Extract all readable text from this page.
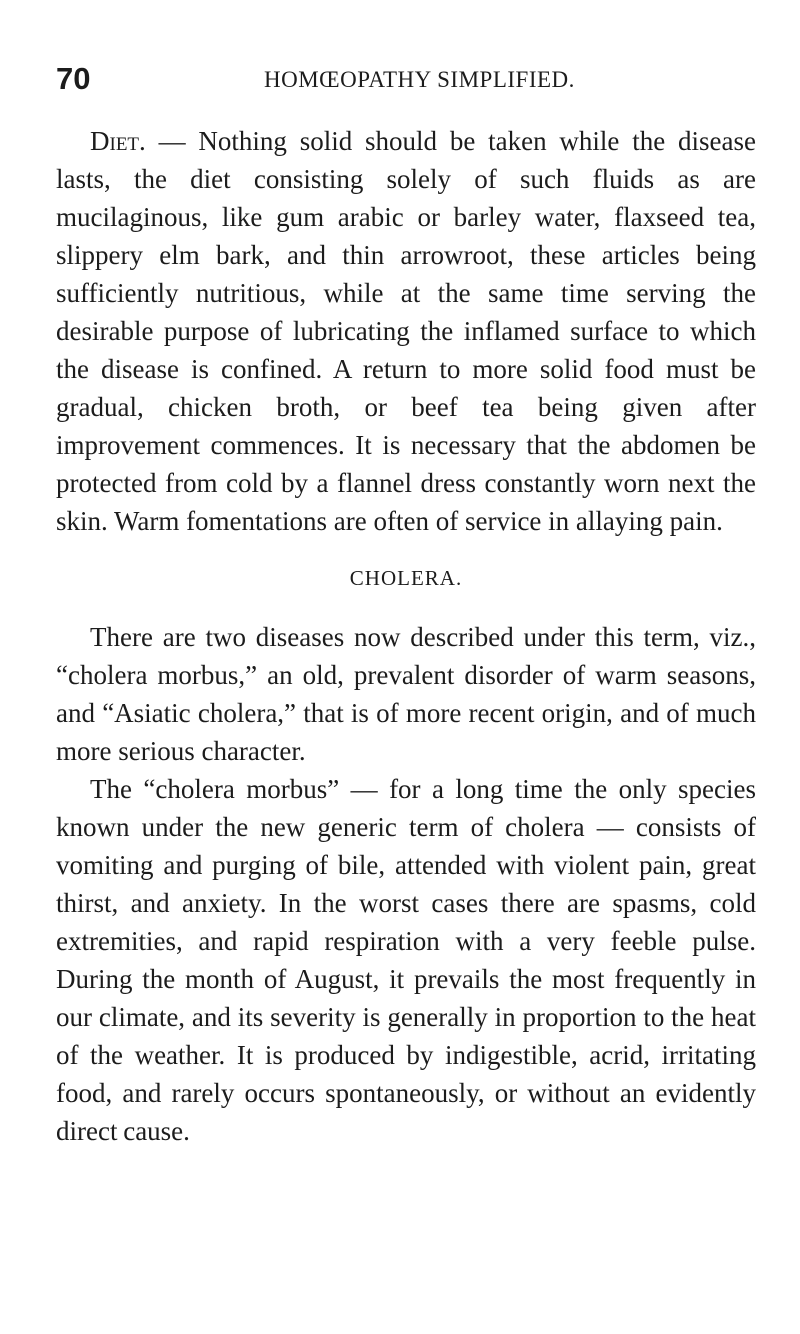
70	HOMŒOPATHY SIMPLIFIED.

Diet. — Nothing solid should be taken while the disease lasts, the diet consisting solely of such fluids as are mucilaginous, like gum arabic or barley water, flaxseed tea, slippery elm bark, and thin arrowroot, these articles being sufficiently nutritious, while at the same time serving the desirable purpose of lubricating the inflamed surface to which the disease is confined. A return to more solid food must be gradual, chicken broth, or beef tea being given after improvement commences. It is necessary that the abdomen be protected from cold by a flannel dress constantly worn next the skin. Warm fomentations are often of service in allaying pain.

CHOLERA.

There are two diseases now described under this term, viz., “cholera morbus,” an old, prevalent disorder of warm seasons, and “Asiatic cholera,” that is of more recent origin, and of much more serious character.

The “cholera morbus” — for a long time the only species known under the new generic term of cholera — consists of vomiting and purging of bile, attended with violent pain, great thirst, and anxiety. In the worst cases there are spasms, cold extremities, and rapid respiration with a very feeble pulse. During the month of August, it prevails the most frequently in our climate, and its severity is generally in proportion to the heat of the weather. It is produced by indigestible, acrid, irritating food, and rarely occurs spontaneously, or without an evidently direct cause.
